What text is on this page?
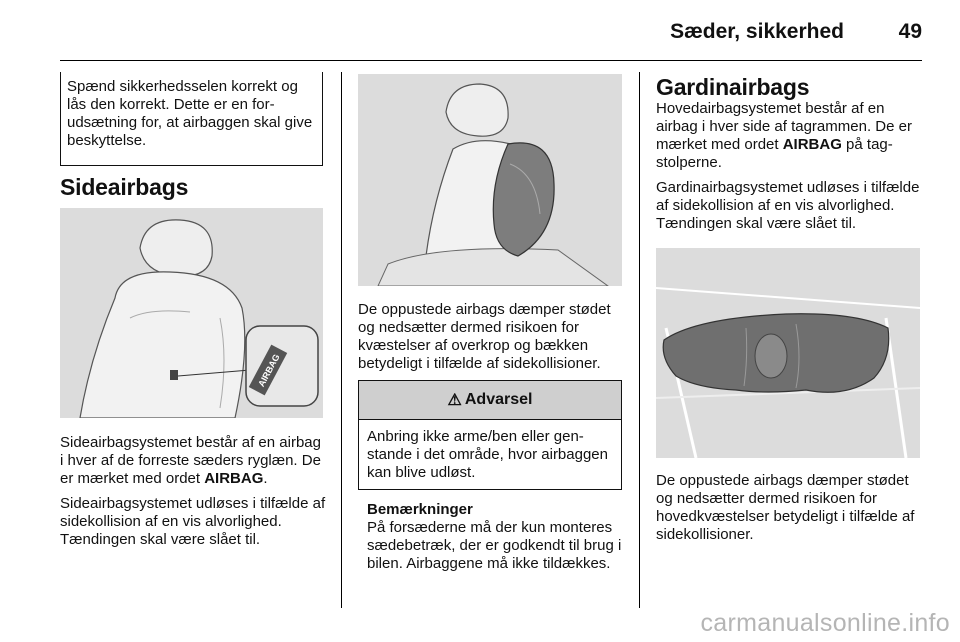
Sæder, sikkerhed	49

Spænd sikkerhedsselen korrekt og lås den korrekt. Dette er en forudsætning for, at airbaggen skal give beskyttelse.

Sideairbags
AIRBAG

Sideairbagsystemet består af en airbag i hver af de forreste sæders ryglæn. De er mærket med ordet AIRBAG.

Sideairbagsystemet udløses i tilfælde af sidekollision af en vis alvorlighed. Tændingen skal være slået til.

De oppustede airbags dæmper stødet og nedsætter dermed risikoen for kvæstelser af overkrop og bækken betydeligt i tilfælde af sidekollisioner.

⚠ Advarsel
Anbring ikke arme/ben eller genstande i det område, hvor airbaggen kan blive udløst.
Bemærkninger
På forsæderne må der kun monteres sædebetræk, der er godkendt til brug i bilen. Airbaggene må ikke tildækkes.
Gardinairbags

Hovedairbagsystemet består af en airbag i hver side af tagrammen. De er mærket med ordet AIRBAG på tagstolperne.

Gardinairbagsystemet udløses i tilfælde af sidekollision af en vis alvorlighed. Tændingen skal være slået til.

De oppustede airbags dæmper stødet og nedsætter dermed risikoen for hovedkvæstelser betydeligt i tilfælde af sidekollisioner.

carmanualsonline.info
